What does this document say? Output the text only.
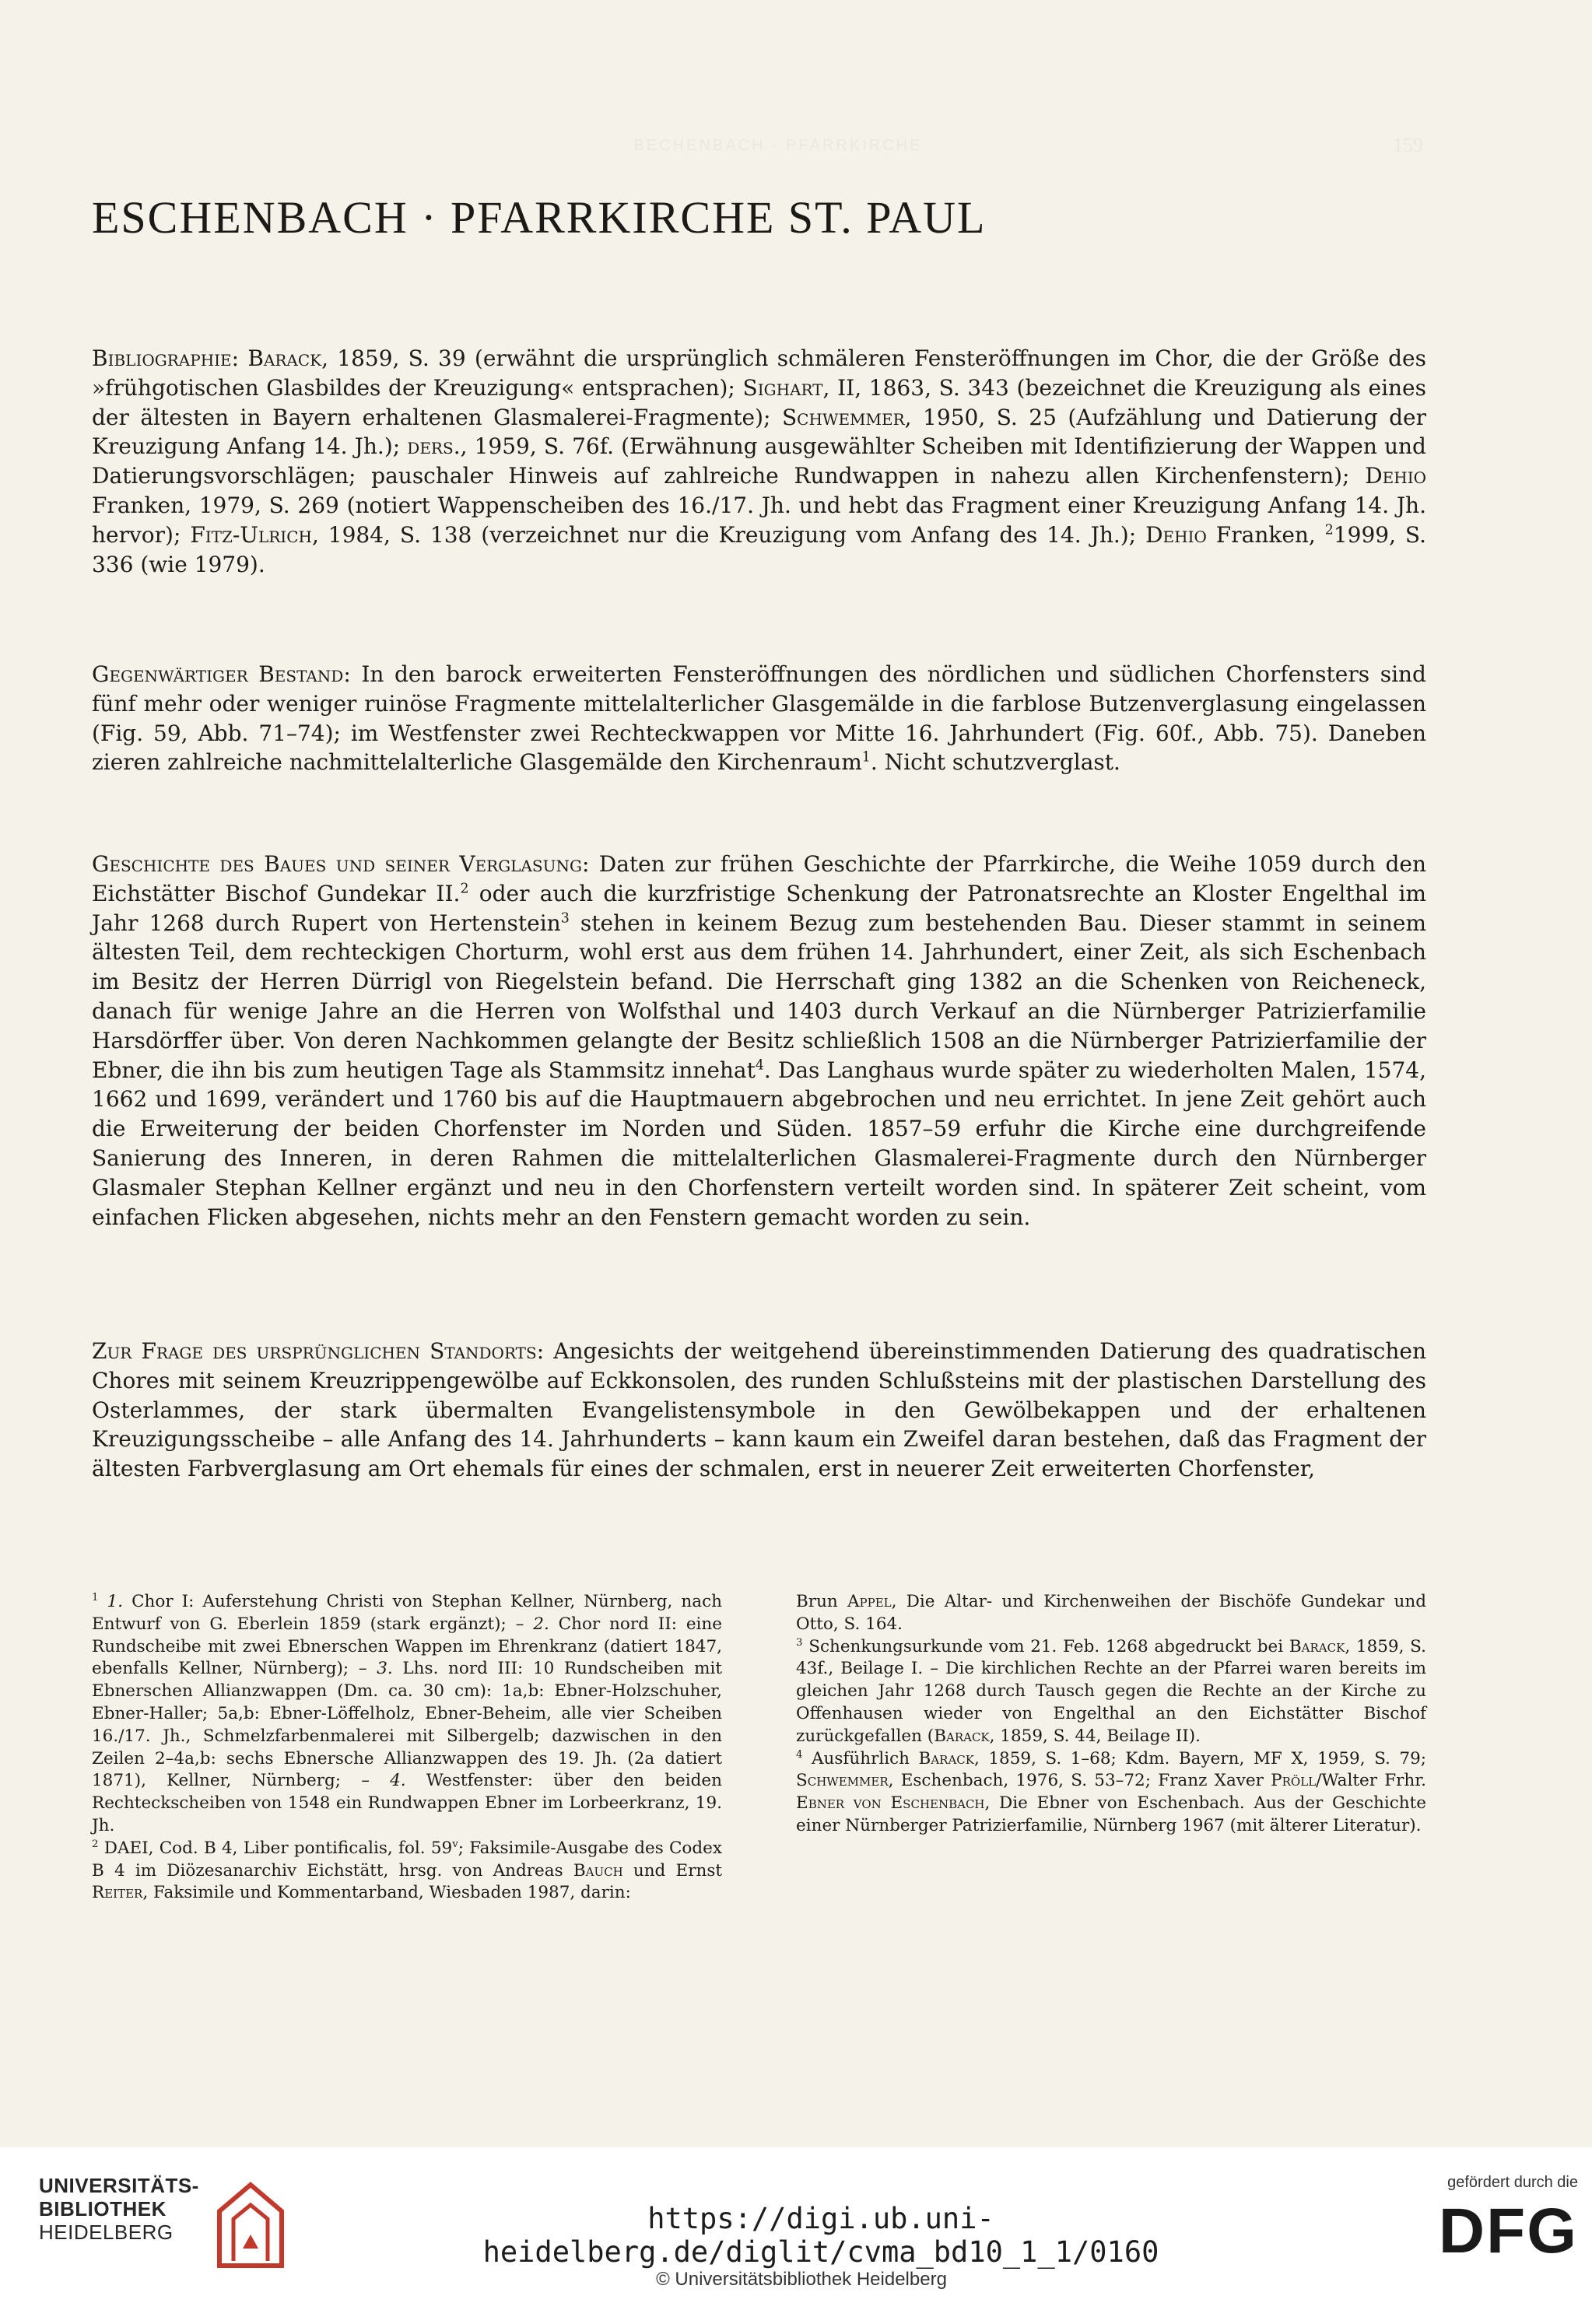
BECHENBACH · PFARRKIRCHE	159
ESCHENBACH · PFARRKIRCHE ST. PAUL

Bibliographie: Barack, 1859, S. 39 (erwähnt die ursprünglich schmäleren Fensteröffnungen im Chor, die der Größe des »frühgotischen Glasbildes der Kreuzigung« entsprachen); Sighart, II, 1863, S. 343 (bezeichnet die Kreuzigung als eines der ältesten in Bayern erhaltenen Glasmalerei-Fragmente); Schwemmer, 1950, S. 25 (Aufzählung und Datierung der Kreuzigung Anfang 14. Jh.); ders., 1959, S. 76f. (Erwähnung ausgewählter Scheiben mit Identifizierung der Wappen und Datierungsvorschlägen; pauschaler Hinweis auf zahlreiche Rundwappen in nahezu allen Kirchenfenstern); Dehio Franken, 1979, S. 269 (notiert Wappenscheiben des 16./17. Jh. und hebt das Fragment einer Kreuzigung Anfang 14. Jh. hervor); Fitz-Ulrich, 1984, S. 138 (verzeichnet nur die Kreuzigung vom Anfang des 14. Jh.); Dehio Franken, $^2$1999, S. 336 (wie 1979).

Gegenwärtiger Bestand: In den barock erweiterten Fensteröffnungen des nördlichen und südlichen Chorfensters sind fünf mehr oder weniger ruinöse Fragmente mittelalterlicher Glasgemälde in die farblose Butzenverglasung eingelassen (Fig. 59, Abb. 71–74); im Westfenster zwei Rechteckwappen vor Mitte 16. Jahrhundert (Fig. 60f., Abb. 75). Daneben zieren zahlreiche nachmittelalterliche Glasgemälde den Kirchenraum$^1$. Nicht schutzverglast.

Geschichte des Baues und seiner Verglasung: Daten zur frühen Geschichte der Pfarrkirche, die Weihe 1059 durch den Eichstätter Bischof Gundekar II.$^2$ oder auch die kurzfristige Schenkung der Patronatsrechte an Kloster Engelthal im Jahr 1268 durch Rupert von Hertenstein$^3$ stehen in keinem Bezug zum bestehenden Bau. Dieser stammt in seinem ältesten Teil, dem rechteckigen Chorturm, wohl erst aus dem frühen 14. Jahrhundert, einer Zeit, als sich Eschenbach im Besitz der Herren Dürrigl von Riegelstein befand. Die Herrschaft ging 1382 an die Schenken von Reicheneck, danach für wenige Jahre an die Herren von Wolfsthal und 1403 durch Verkauf an die Nürnberger Patrizierfamilie Harsdörffer über. Von deren Nachkommen gelangte der Besitz schließlich 1508 an die Nürnberger Patrizierfamilie der Ebner, die ihn bis zum heutigen Tage als Stammsitz innehat$^4$. Das Langhaus wurde später zu wiederholten Malen, 1574, 1662 und 1699, verändert und 1760 bis auf die Hauptmauern abgebrochen und neu errichtet. In jene Zeit gehört auch die Erweiterung der beiden Chorfenster im Norden und Süden. 1857–59 erfuhr die Kirche eine durchgreifende Sanierung des Inneren, in deren Rahmen die mittelalterlichen Glasmalerei-Fragmente durch den Nürnberger Glasmaler Stephan Kellner ergänzt und neu in den Chorfenstern verteilt worden sind. In späterer Zeit scheint, vom einfachen Flicken abgesehen, nichts mehr an den Fenstern gemacht worden zu sein.

Zur Frage des ursprünglichen Standorts: Angesichts der weitgehend übereinstimmenden Datierung des quadratischen Chores mit seinem Kreuzrippengewölbe auf Eckkonsolen, des runden Schlußsteins mit der plastischen Darstellung des Osterlammes, der stark übermalten Evangelistensymbole in den Gewölbekappen und der erhaltenen Kreuzigungsscheibe – alle Anfang des 14. Jahrhunderts – kann kaum ein Zweifel daran bestehen, daß das Fragment der ältesten Farbverglasung am Ort ehemals für eines der schmalen, erst in neuerer Zeit erweiterten Chorfenster,

$^1$ 1. Chor I: Auferstehung Christi von Stephan Kellner, Nürnberg, nach Entwurf von G. Eberlein 1859 (stark ergänzt); – 2. Chor nord II: eine Rundscheibe mit zwei Ebnerschen Wappen im Ehrenkranz (datiert 1847, ebenfalls Kellner, Nürnberg); – 3. Lhs. nord III: 10 Rundscheiben mit Ebnerschen Allianzwappen (Dm. ca. 30 cm): 1a,b: Ebner-Holzschuher, Ebner-Haller; 5a,b: Ebner-Löffelholz, Ebner-Beheim, alle vier Scheiben 16./17. Jh., Schmelzfarbenmalerei mit Silbergelb; dazwischen in den Zeilen 2–4a,b: sechs Ebnersche Allianzwappen des 19. Jh. (2a datiert 1871), Kellner, Nürnberg; – 4. Westfenster: über den beiden Rechteckscheiben von 1548 ein Rundwappen Ebner im Lorbeerkranz, 19. Jh.

$^2$ DAEI, Cod. B 4, Liber pontificalis, fol. 59$^v$; Faksimile-Ausgabe des Codex B 4 im Diözesanarchiv Eichstätt, hrsg. von Andreas Bauch und Ernst Reiter, Faksimile und Kommentarband, Wiesbaden 1987, darin:

Brun Appel, Die Altar- und Kirchenweihen der Bischöfe Gundekar und Otto, S. 164.

$^3$ Schenkungsurkunde vom 21. Feb. 1268 abgedruckt bei Barack, 1859, S. 43f., Beilage I. – Die kirchlichen Rechte an der Pfarrei waren bereits im gleichen Jahr 1268 durch Tausch gegen die Rechte an der Kirche zu Offenhausen wieder von Engelthal an den Eichstätter Bischof zurückgefallen (Barack, 1859, S. 44, Beilage II).

$^4$ Ausführlich Barack, 1859, S. 1–68; Kdm. Bayern, MF X, 1959, S. 79; Schwemmer, Eschenbach, 1976, S. 53–72; Franz Xaver Pröll/Walter Frhr. Ebner von Eschenbach, Die Ebner von Eschenbach. Aus der Geschichte einer Nürnberger Patrizierfamilie, Nürnberg 1967 (mit älterer Literatur).

UNIVERSITÄTS-
BIBLIOTHEK
HEIDELBERG	https://digi.ub.uni-heidelberg.de/diglit/cvma_bd10_1_1/0160
© Universitätsbibliothek Heidelberg
gefördert durch die
DFG
